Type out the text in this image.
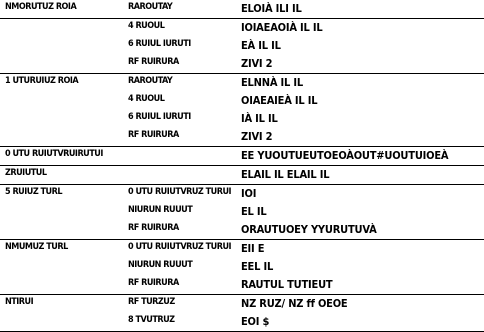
NMORUTUZ ROIA	RAROUTAY	ELOIÀ ILI IL
	4 RUOUL	IOIAEAOIÀ IL IL
	6 RUIUL IURUTI	EÀ IL IL
	RF RUIRURA	ZIVI 2
1 UTURUIUZ ROIA	RAROUTAY	ELNNÀ IL IL
	4 RUOUL	OIAEAIEÀ IL IL
	6 RUIUL IURUTI	IÀ IL IL
	RF RUIRURA	ZIVI 2
0 UTU RUIUTVRUIRUTUI		EE YUOUTUEUTOEOÀOUT#UOUTUIOEÀ
ZRUIUTUL		ELAIL IL ELAIL IL
5 RUIUZ TURL	0 UTU RUIUTVRUZ TURUI	IOI
	NIURUN RUUUT	EL IL
	RF RUIRURA	ORAUTUOEY YYURUTUVÀ
NMUMUZ TURL	0 UTU RUIUTVRUZ TURUI	EII E
	NIURUN RUUUT	EEL IL
	RF RUIRURA	RAUTUL TUTIEUT
NTIRUI	RF TURZUZ	NZ RUZ/ NZ ff OEOE
	8 TVUTRUZ	EOI $
